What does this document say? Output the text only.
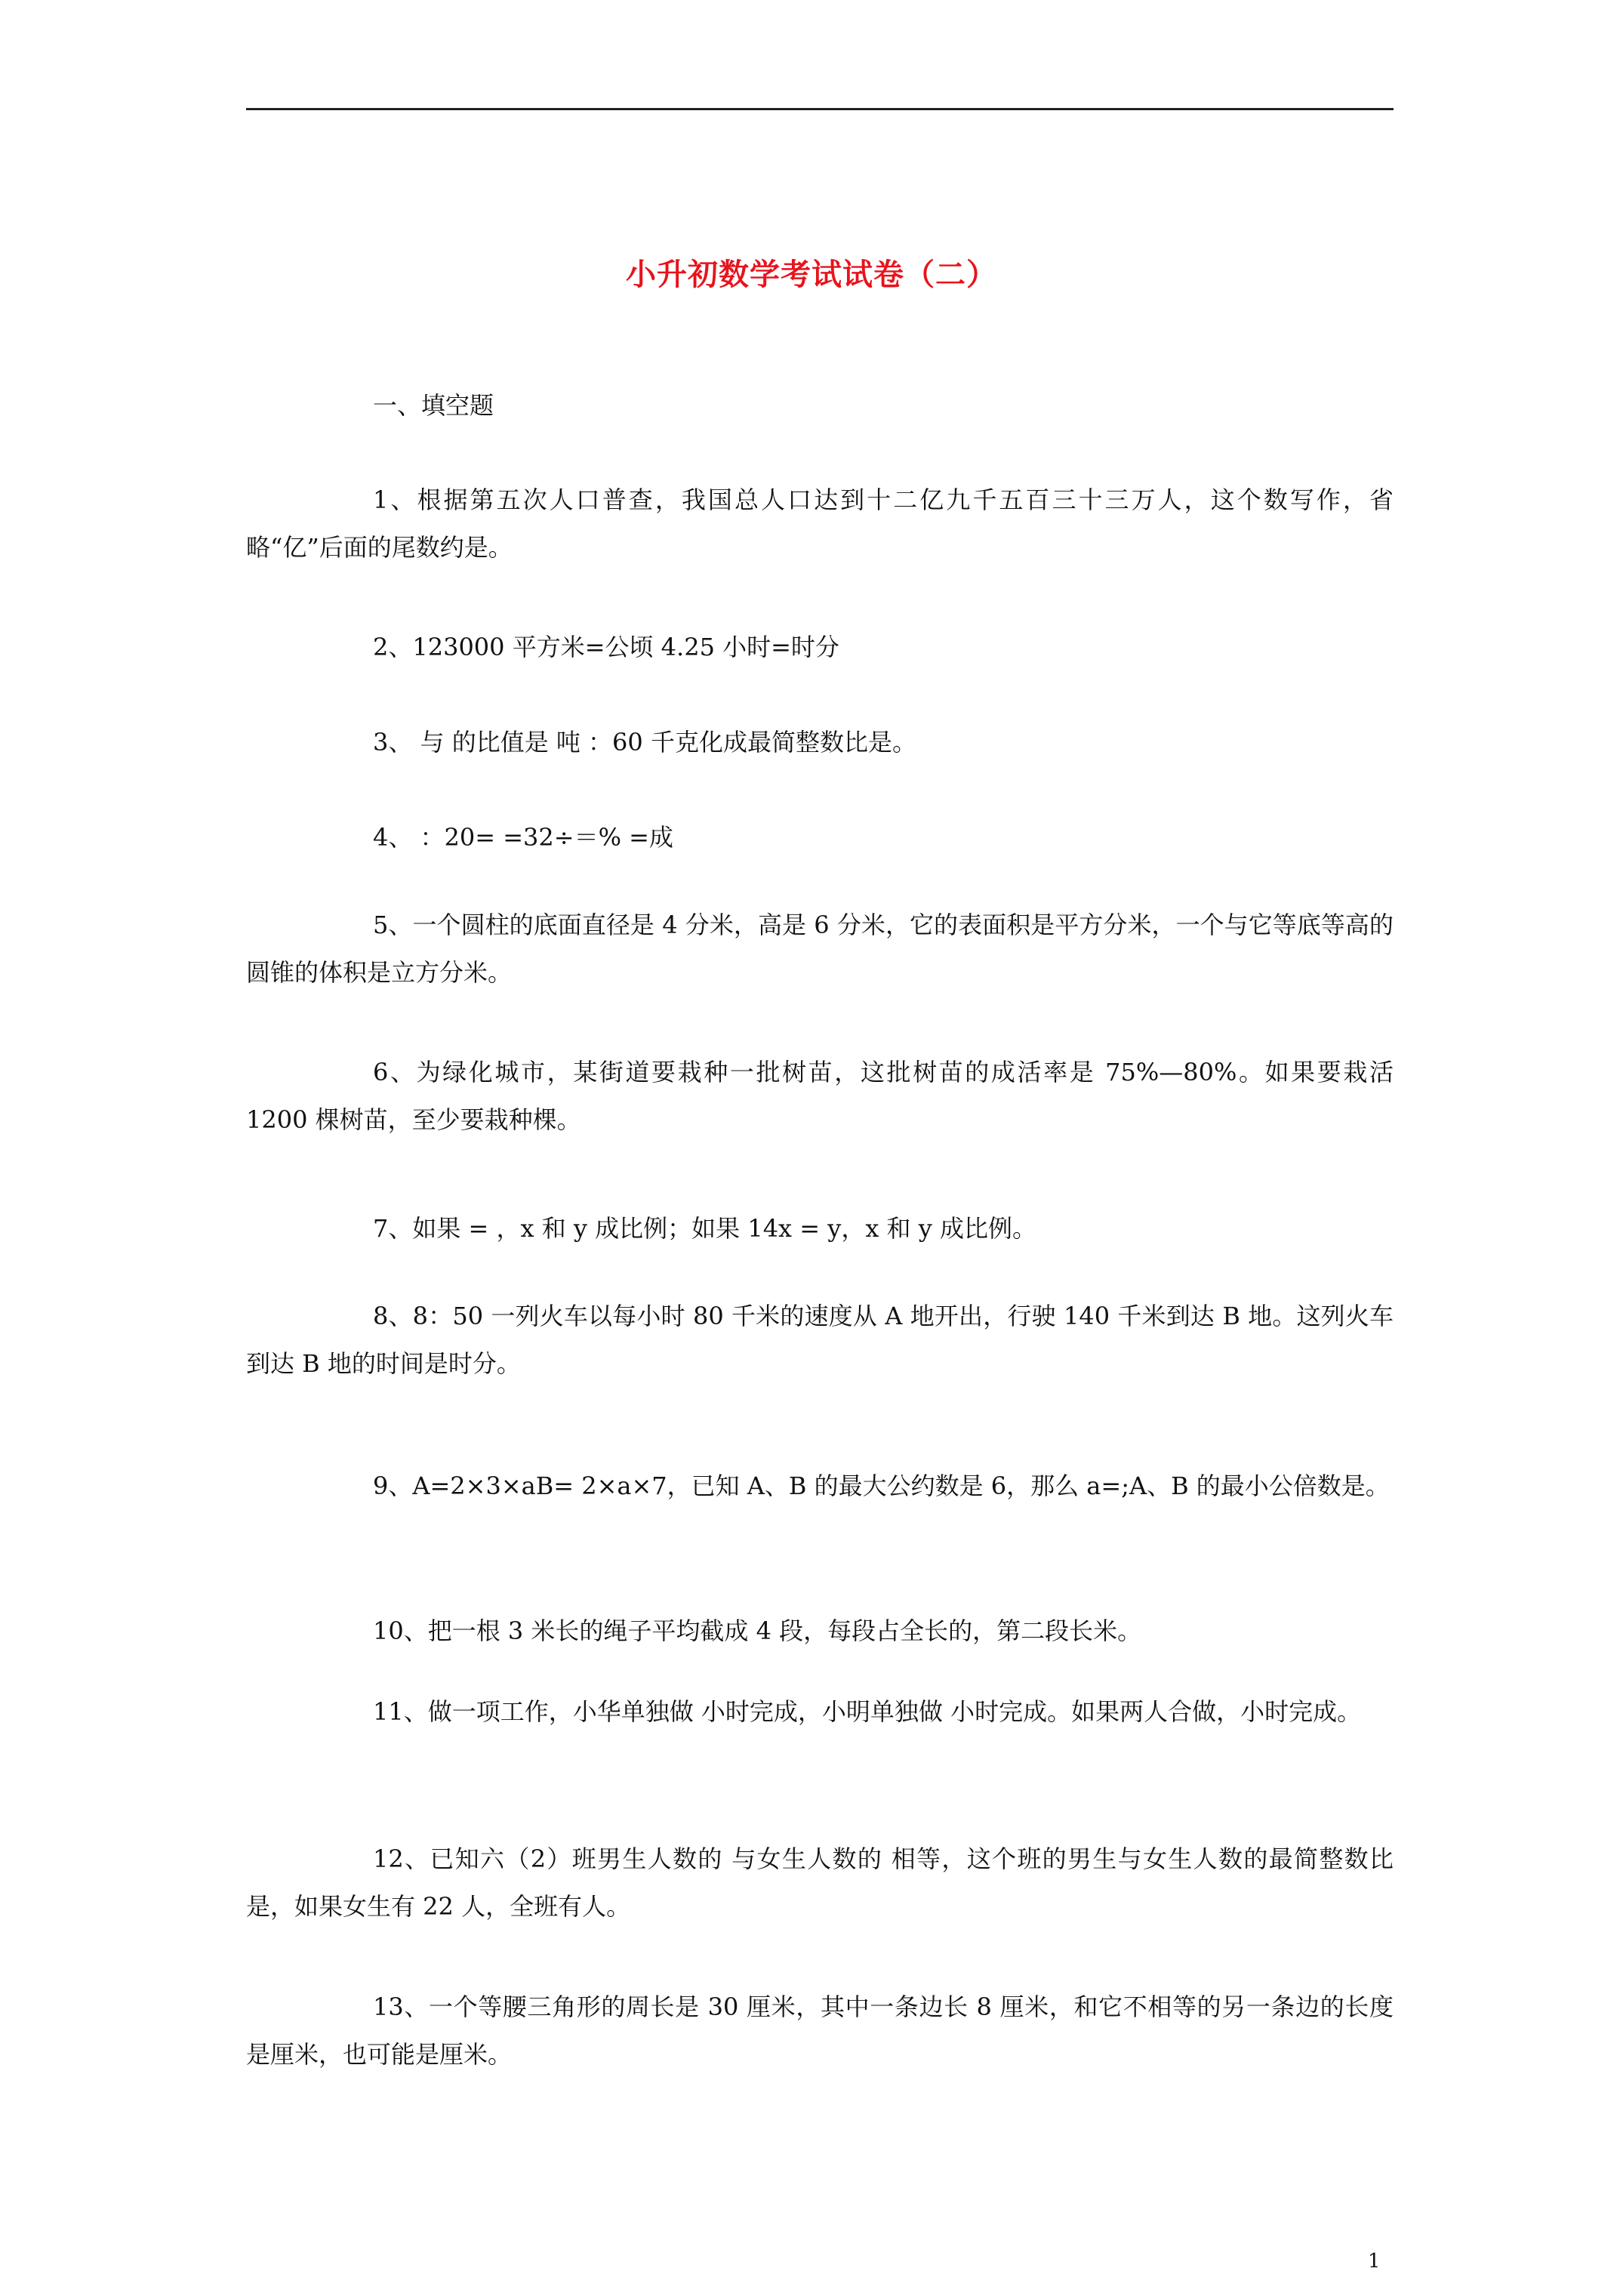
小升初数学考试试卷（二）

一、填空题

1、根据第五次人口普查，我国总人口达到十二亿九千五百三十三万人，这个数写作，省略“亿”后面的尾数约是。

2、123000 平方米=公顷 4.25 小时=时分

3、 与 的比值是 吨 ：60 千克化成最简整数比是。

4、 ：20= =32÷＝% =成

5、一个圆柱的底面直径是 4 分米，高是 6 分米，它的表面积是平方分米，一个与它等底等高的圆锥的体积是立方分米。

6、为绿化城市，某街道要栽种一批树苗，这批树苗的成活率是 75%—80%。如果要栽活 1200 棵树苗，至少要栽种棵。

7、如果 = ，x 和 y 成比例；如果 14x = y，x 和 y 成比例。

8、8：50 一列火车以每小时 80 千米的速度从 A 地开出，行驶 140 千米到达 B 地。这列火车到达 B 地的时间是时分。

9、A=2×3×aB= 2×a×7，已知 A、B 的最大公约数是 6，那么 a=;A、B 的最小公倍数是。

10、把一根 3 米长的绳子平均截成 4 段，每段占全长的，第二段长米。

11、做一项工作，小华单独做 小时完成，小明单独做 小时完成。如果两人合做，小时完成。

12、已知六（2）班男生人数的 与女生人数的 相等，这个班的男生与女生人数的最简整数比是，如果女生有 22 人，全班有人。

13、一个等腰三角形的周长是 30 厘米，其中一条边长 8 厘米，和它不相等的另一条边的长度是厘米，也可能是厘米。

1
